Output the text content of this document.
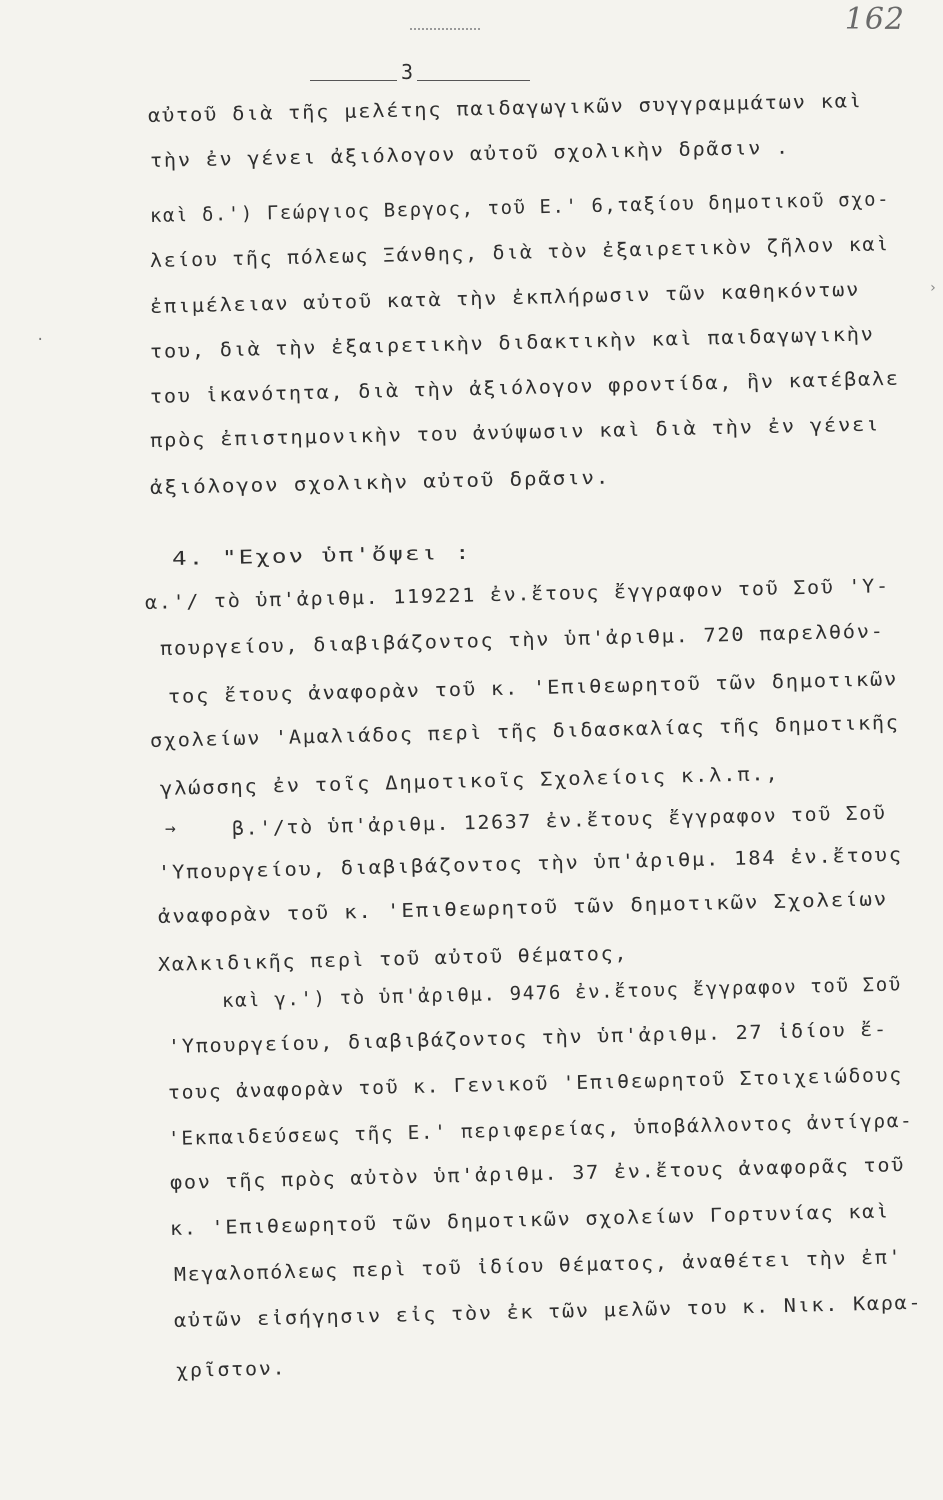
162
3
·
›
→
αὐτοῦ διὰ τῆς μελέτης παιδαγωγικῶν συγγραμμάτων καὶ
τὴν ἐν γένει ἀξιόλογον αὐτοῦ σχολικὴν δρᾶσιν .
καὶ δ.') Γεώργιος Βεργος, τοῦ Ε.' 6,ταξίου δημοτικοῦ σχο-
λείου τῆς πόλεως Ξάνθης, διὰ τὸν ἐξαιρετικὸν ζῆλον καὶ
ἐπιμέλειαν αὐτοῦ κατὰ τὴν ἐκπλήρωσιν τῶν καθηκόντων
του, διὰ τὴν ἐξαιρετικὴν διδακτικὴν καὶ παιδαγωγικὴν
του ἱκανότητα, διὰ τὴν ἀξιόλογον φροντίδα, ἣν κατέβαλε
πρὸς ἐπιστημονικὴν του ἀνύψωσιν καὶ διὰ τὴν ἐν γένει
ἀξιόλογον σχολικὴν αὐτοῦ δρᾶσιν.
4. "Εχον ὑπ'ὄψει :
α.'/ τὸ ὑπ'ἀριθμ. 119221 ἐν.ἔτους ἔγγραφον τοῦ Σοῦ 'Υ-
πουργείου, διαβιβάζοντος τὴν ὑπ'ἀριθμ. 720 παρελθόν-
τος ἔτους ἀναφορὰν τοῦ κ. 'Επιθεωρητοῦ τῶν δημοτικῶν
σχολείων 'Αμαλιάδος περὶ τῆς διδασκαλίας τῆς δημοτικῆς
γλώσσης ἐν τοῖς Δημοτικοῖς Σχολείοις κ.λ.π.,
β.'/τὸ ὑπ'ἀριθμ. 12637 ἐν.ἔτους ἔγγραφον τοῦ Σοῦ
'Υπουργείου, διαβιβάζοντος τὴν ὑπ'ἀριθμ. 184 ἐν.ἔτους
ἀναφορὰν τοῦ κ. 'Επιθεωρητοῦ τῶν δημοτικῶν Σχολείων
Χαλκιδικῆς περὶ τοῦ αὐτοῦ θέματος,
καὶ γ.') τὸ ὑπ'ἀριθμ. 9476 ἐν.ἔτους ἔγγραφον τοῦ Σοῦ
'Υπουργείου, διαβιβάζοντος τὴν ὑπ'ἀριθμ. 27 ἰδίου ἔ-
τους ἀναφορὰν τοῦ κ. Γενικοῦ 'Επιθεωρητοῦ Στοιχειώδους
'Εκπαιδεύσεως τῆς Ε.' περιφερείας, ὑποβάλλοντος ἀντίγρα-
φον τῆς πρὸς αὐτὸν ὑπ'ἀριθμ. 37 ἐν.ἔτους ἀναφορᾶς τοῦ
κ. 'Επιθεωρητοῦ τῶν δημοτικῶν σχολείων Γορτυνίας καὶ
Μεγαλοπόλεως περὶ τοῦ ἰδίου θέματος, ἀναθέτει τὴν ἐπ'
αὐτῶν εἰσήγησιν εἰς τὸν ἐκ τῶν μελῶν του κ. Νικ. Καρα-
χρῖστον.
